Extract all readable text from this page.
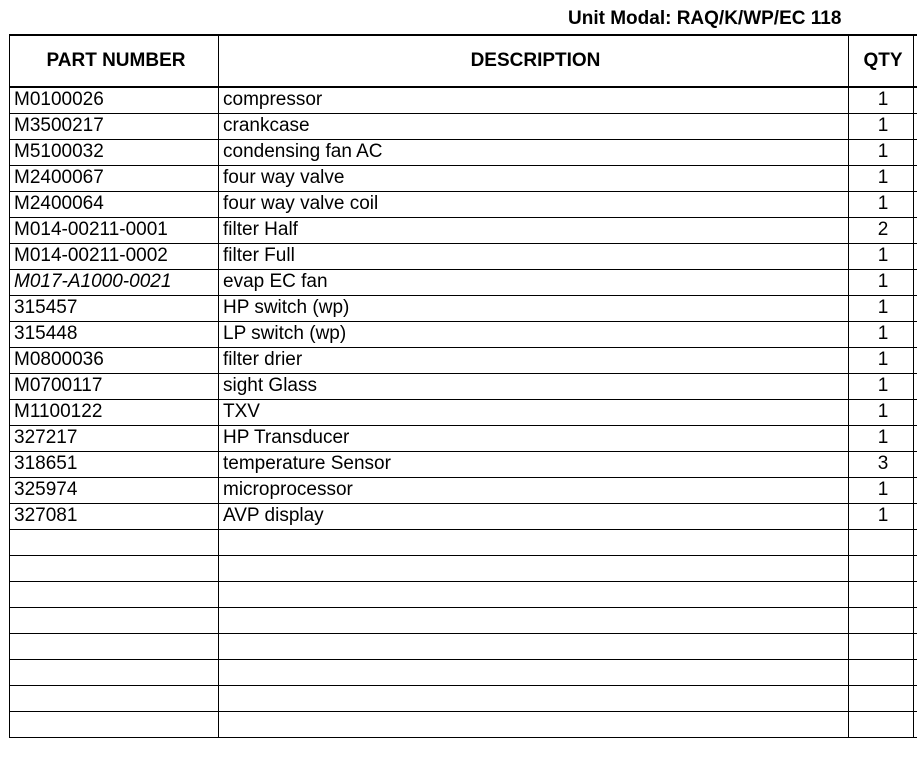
Unit Modal: RAQ/K/WP/EC 118
PART NUMBER	DESCRIPTION	QTY	
M0100026	compressor	1	
M3500217	crankcase	1	
M5100032	condensing fan AC	1	
M2400067	four way valve	1	
M2400064	four way valve coil	1	
M014-00211-0001	filter Half	2	
M014-00211-0002	filter Full	1	
M017-A1000-0021	evap EC fan	1	
315457	HP switch (wp)	1	
315448	LP switch (wp)	1	
M0800036	filter drier	1	
M0700117	sight Glass	1	
M1100122	TXV	1	
327217	HP Transducer	1	
318651	temperature Sensor	3	
325974	microprocessor	1	
327081	AVP display	1	
